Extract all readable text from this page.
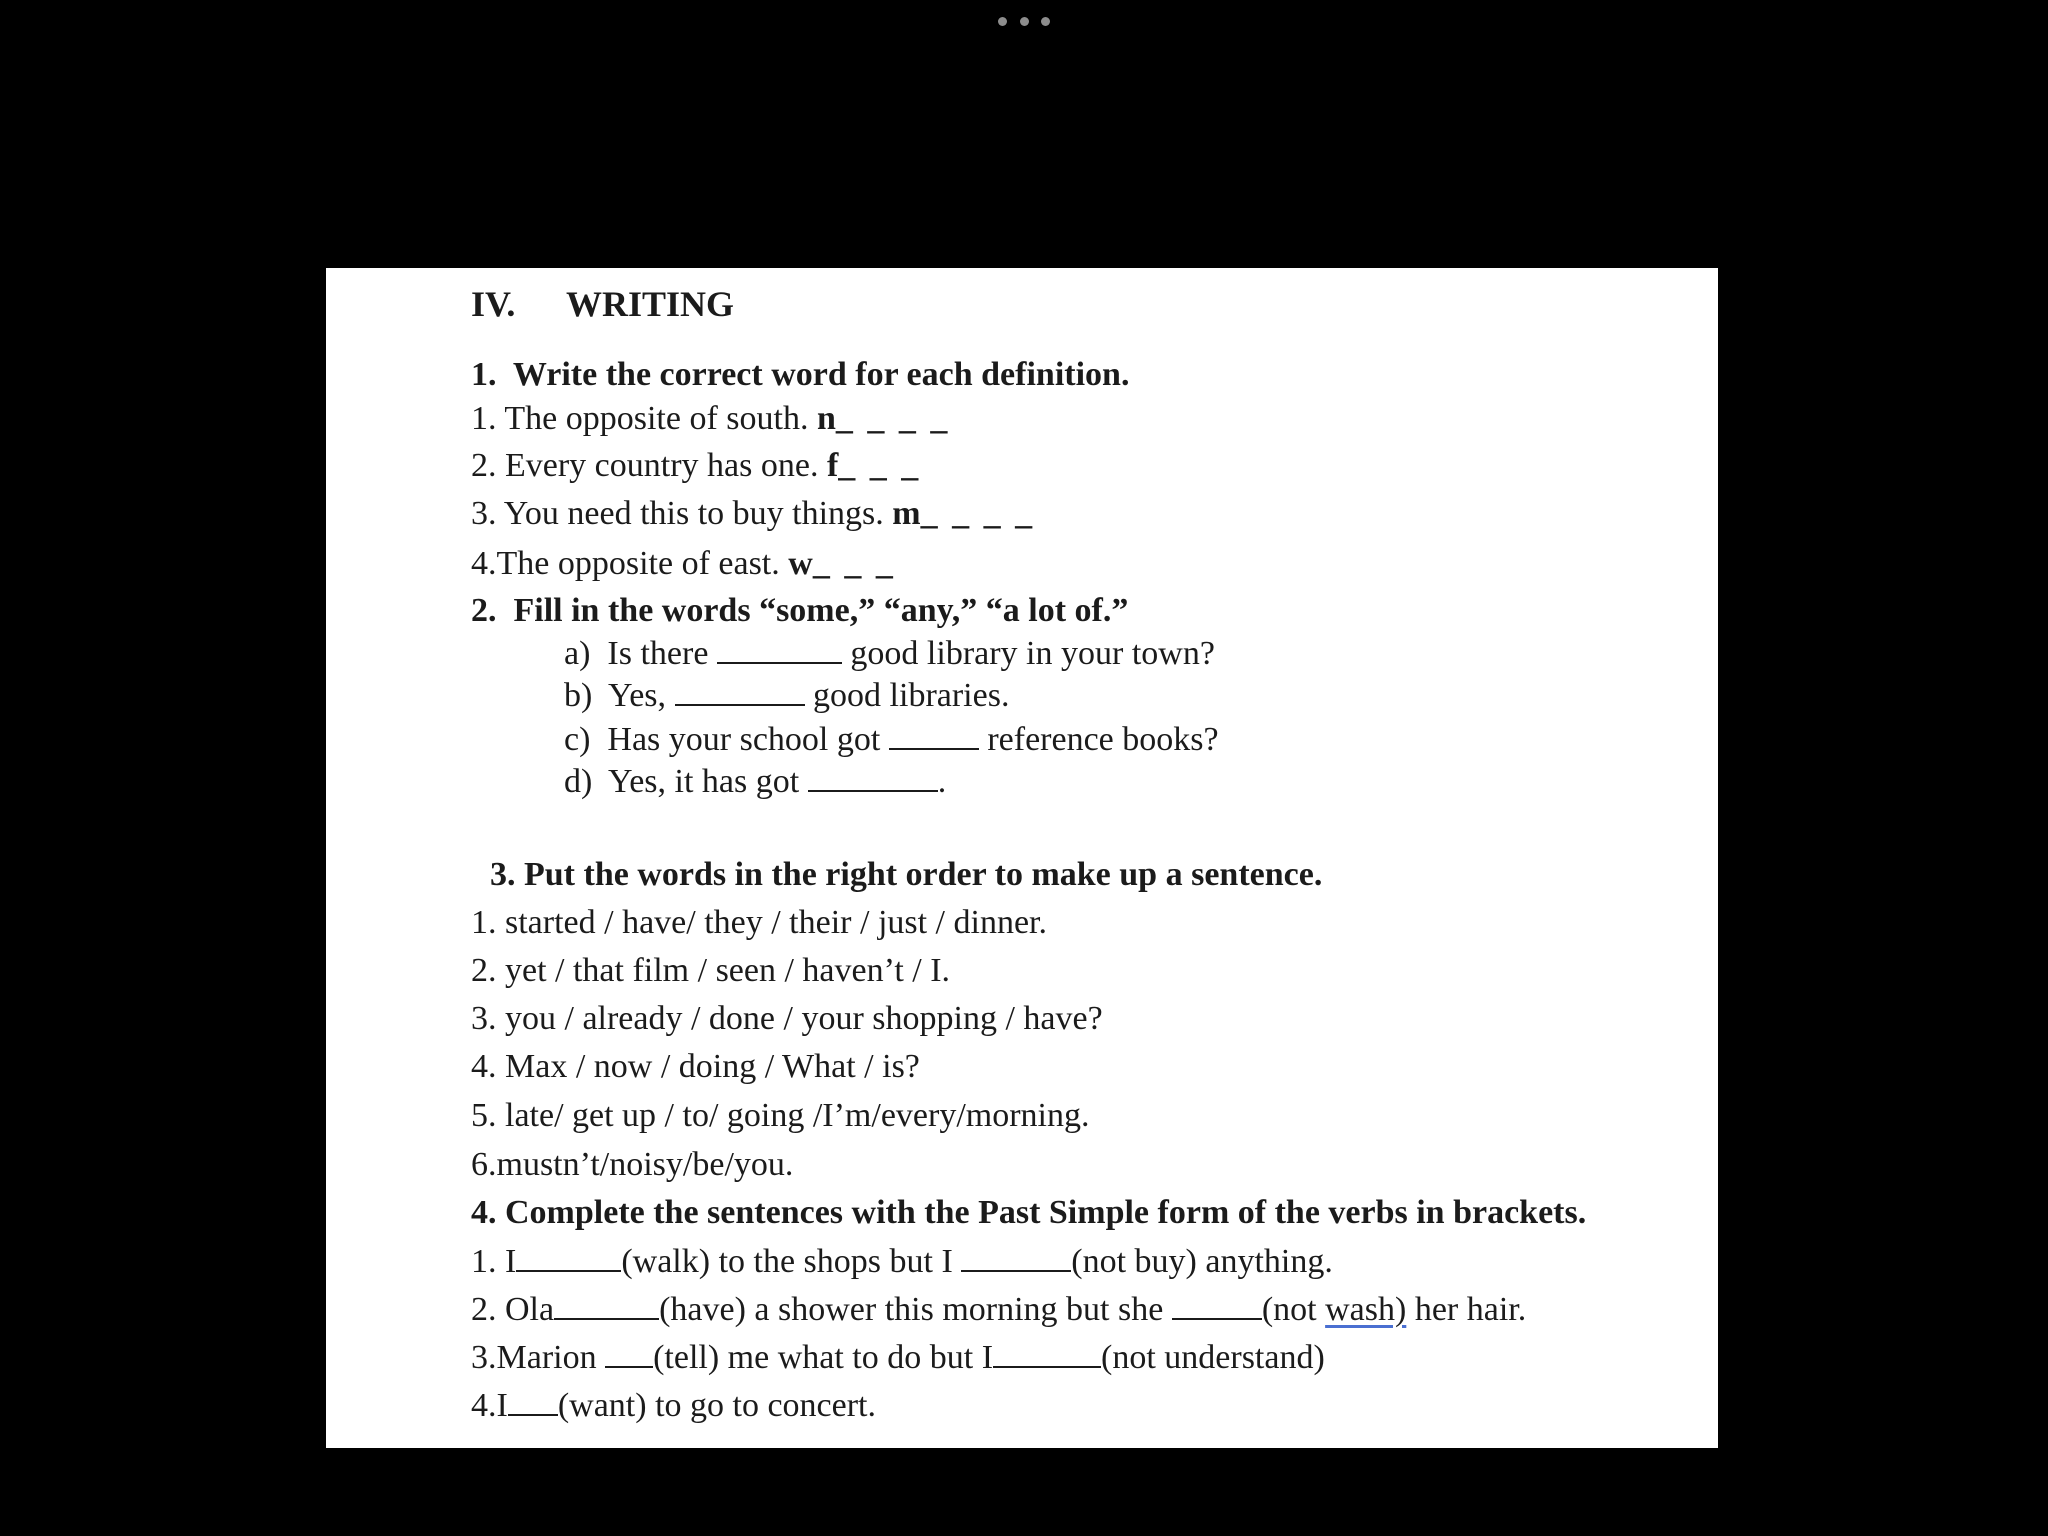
IV. WRITING
1.  Write the correct word for each definition.
1. The opposite of south. n_ _ _ _
2. Every country has one. f_ _ _
3. You need this to buy things. m_ _ _ _
4.The opposite of east. w_ _ _
2.  Fill in the words “some,” “any,” “a lot of.”
a)  Is there	good library in your town?
b)  Yes,	good libraries.
c)  Has your school got	reference books?
d)  Yes, it has got	.
3. Put the words in the right order to make up a sentence.
1. started / have/ they / their / just / dinner.
2. yet / that film / seen / haven’t / I.
3. you / already / done / your shopping / have?
4. Max / now / doing / What / is?
5. late/ get up / to/ going /I’m/every/morning.
6.mustn’t/noisy/be/you.
4. Complete the sentences with the Past Simple form of the verbs in brackets.
1. I	(walk) to the shops but I	(not buy) anything.
2. Ola	(have) a shower this morning but she	(not wash) her hair.
3.Marion (tell) me what to do but I	(not understand)
4.I (want) to go to concert.
